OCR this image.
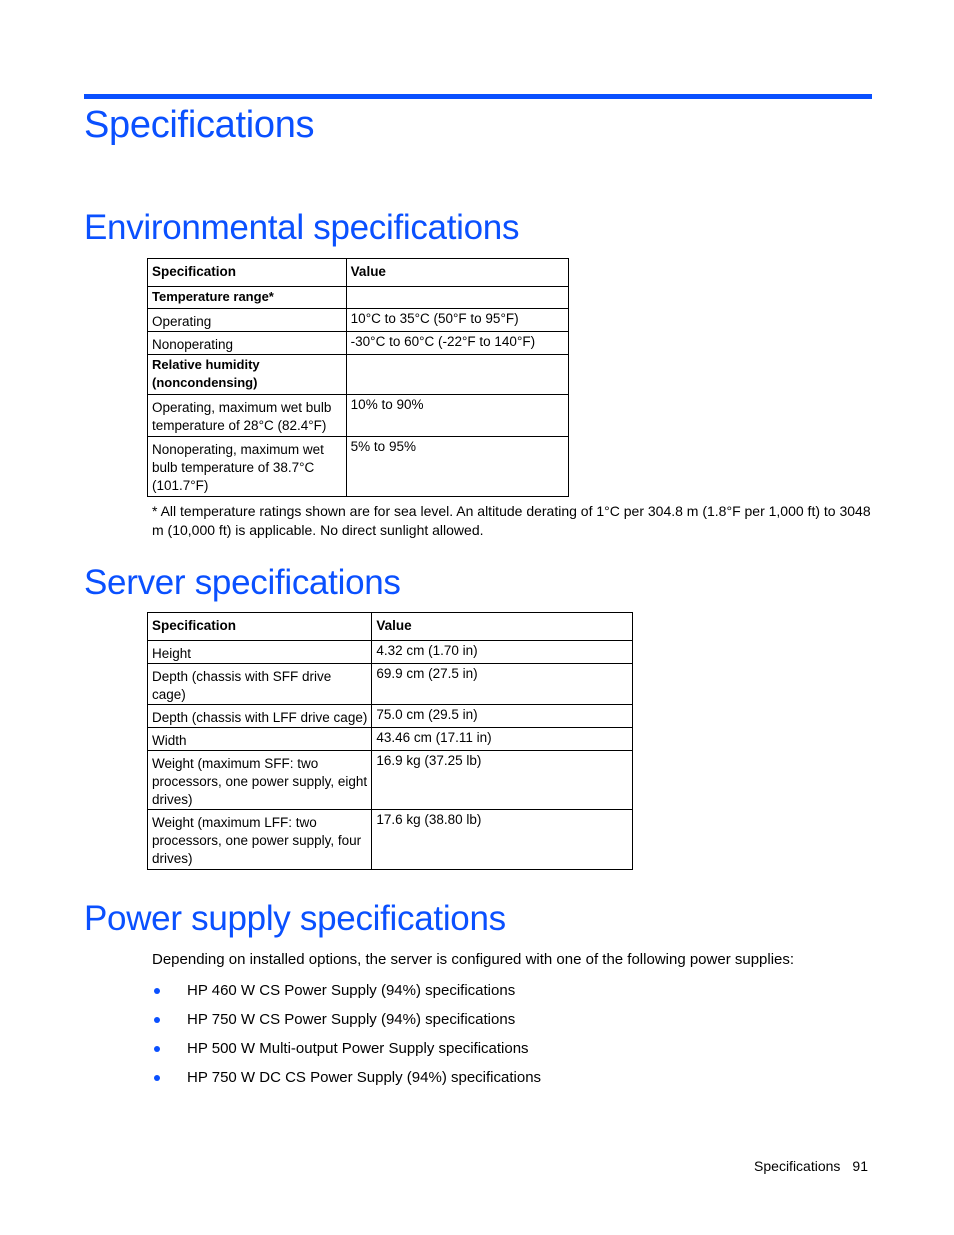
Specifications
Environmental specifications
Specification	Value
Temperature range*	
Operating	10°C to 35°C (50°F to 95°F)
Nonoperating	-30°C to 60°C (-22°F to 140°F)
Relative humidity (noncondensing)	
Operating, maximum wet bulb temperature of 28°C (82.4°F)	10% to 90%
Nonoperating, maximum wet bulb temperature of 38.7°C (101.7°F)	5% to 95%
* All temperature ratings shown are for sea level. An altitude derating of 1°C per 304.8 m (1.8°F per 1,000 ft) to 3048 m (10,000 ft) is applicable. No direct sunlight allowed.
Server specifications
Specification	Value
Height	4.32 cm (1.70 in)
Depth (chassis with SFF drive cage)	69.9 cm (27.5 in)
Depth (chassis with LFF drive cage)	75.0 cm (29.5 in)
Width	43.46 cm (17.11 in)
Weight (maximum SFF: two processors, one power supply, eight drives)	16.9 kg (37.25 lb)
Weight (maximum LFF: two processors, one power supply, four drives)	17.6 kg (38.80 lb)
Power supply specifications
Depending on installed options, the server is configured with one of the following power supplies:
HP 460 W CS Power Supply (94%) specifications
HP 750 W CS Power Supply (94%) specifications
HP 500 W Multi-output Power Supply specifications
HP 750 W DC CS Power Supply (94%) specifications
Specifications 91
